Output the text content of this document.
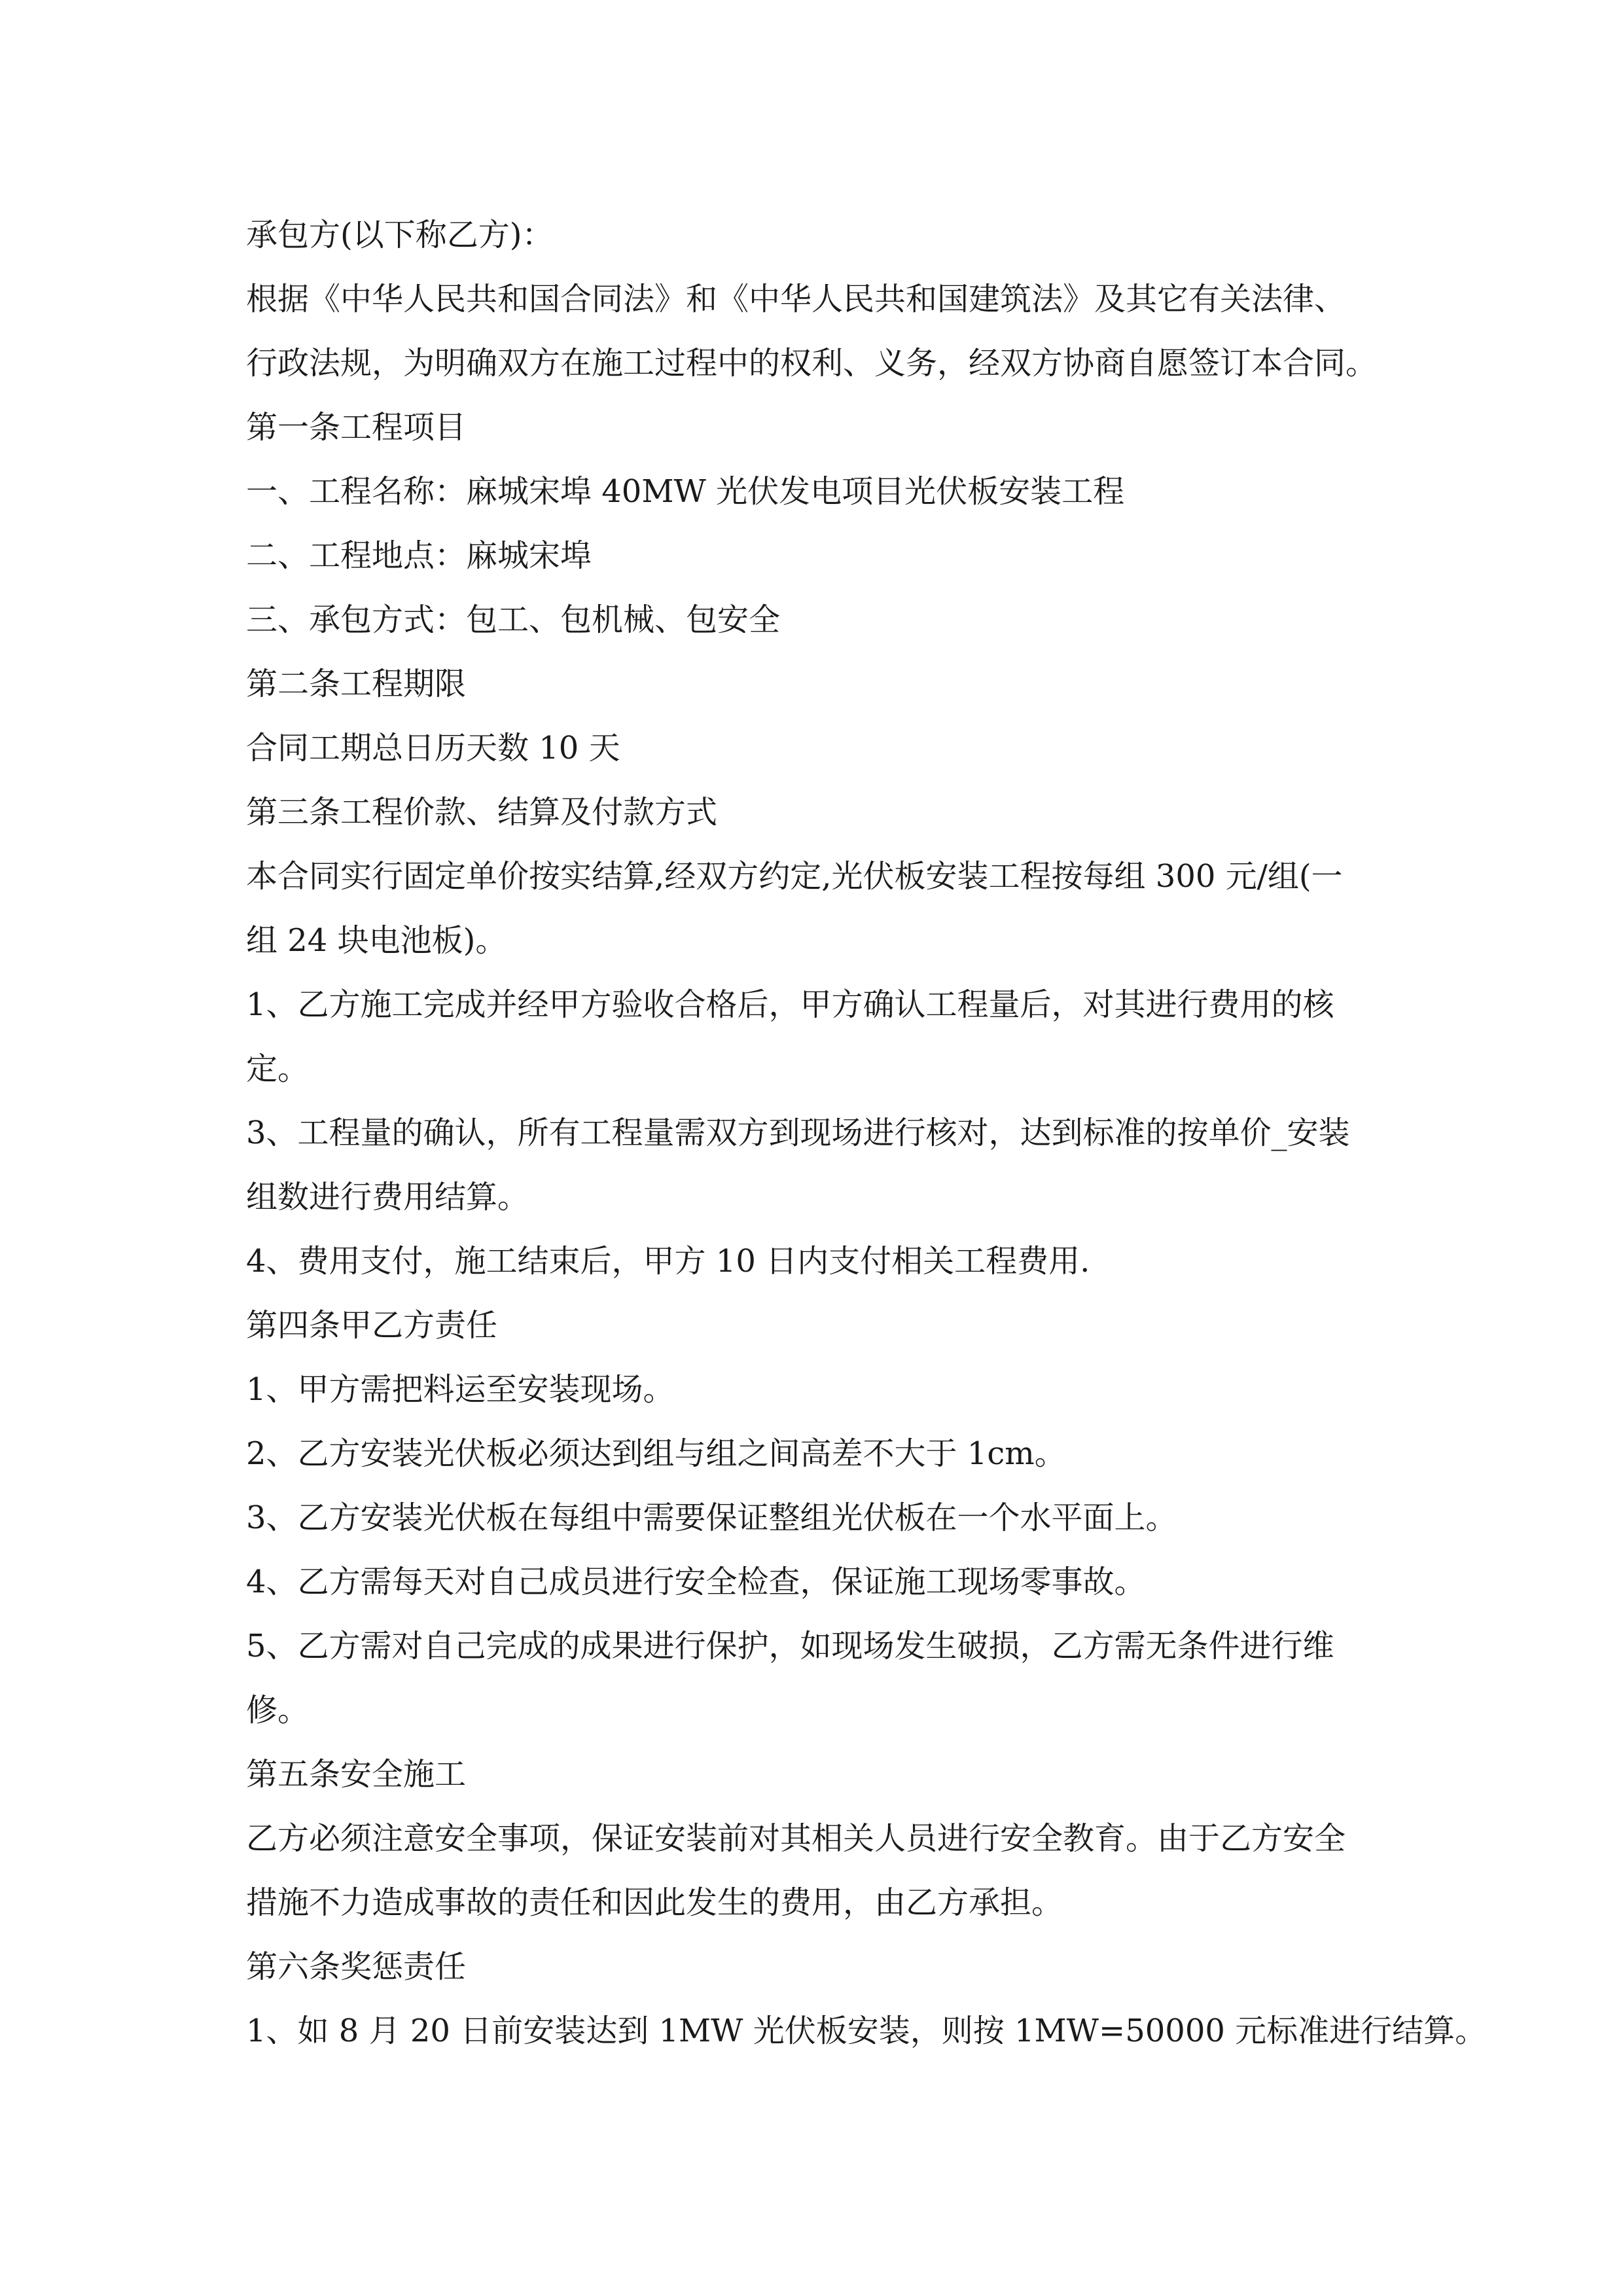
承包方(以下称乙方)：
根据《中华人民共和国合同法》和《中华人民共和国建筑法》及其它有关法律、
行政法规，为明确双方在施工过程中的权利、义务，经双方协商自愿签订本合同。
第一条工程项目
一、工程名称：麻城宋埠 40MW 光伏发电项目光伏板安装工程
二、工程地点：麻城宋埠
三、承包方式：包工、包机械、包安全
第二条工程期限
合同工期总日历天数 10 天
第三条工程价款、结算及付款方式
本合同实行固定单价按实结算,经双方约定,光伏板安装工程按每组 300 元/组(一
组 24 块电池板)。
1、乙方施工完成并经甲方验收合格后，甲方确认工程量后，对其进行费用的核
定。
3、工程量的确认，所有工程量需双方到现场进行核对，达到标准的按单价_安装
组数进行费用结算。
4、费用支付，施工结束后，甲方 10 日内支付相关工程费用.
第四条甲乙方责任
1、甲方需把料运至安装现场。
2、乙方安装光伏板必须达到组与组之间高差不大于 1cm。
3、乙方安装光伏板在每组中需要保证整组光伏板在一个水平面上。
4、乙方需每天对自己成员进行安全检查，保证施工现场零事故。
5、乙方需对自己完成的成果进行保护，如现场发生破损，乙方需无条件进行维
修。
第五条安全施工
乙方必须注意安全事项，保证安装前对其相关人员进行安全教育。由于乙方安全
措施不力造成事故的责任和因此发生的费用，由乙方承担。
第六条奖惩责任
1、如 8 月 20 日前安装达到 1MW 光伏板安装，则按 1MW=50000 元标准进行结算。
